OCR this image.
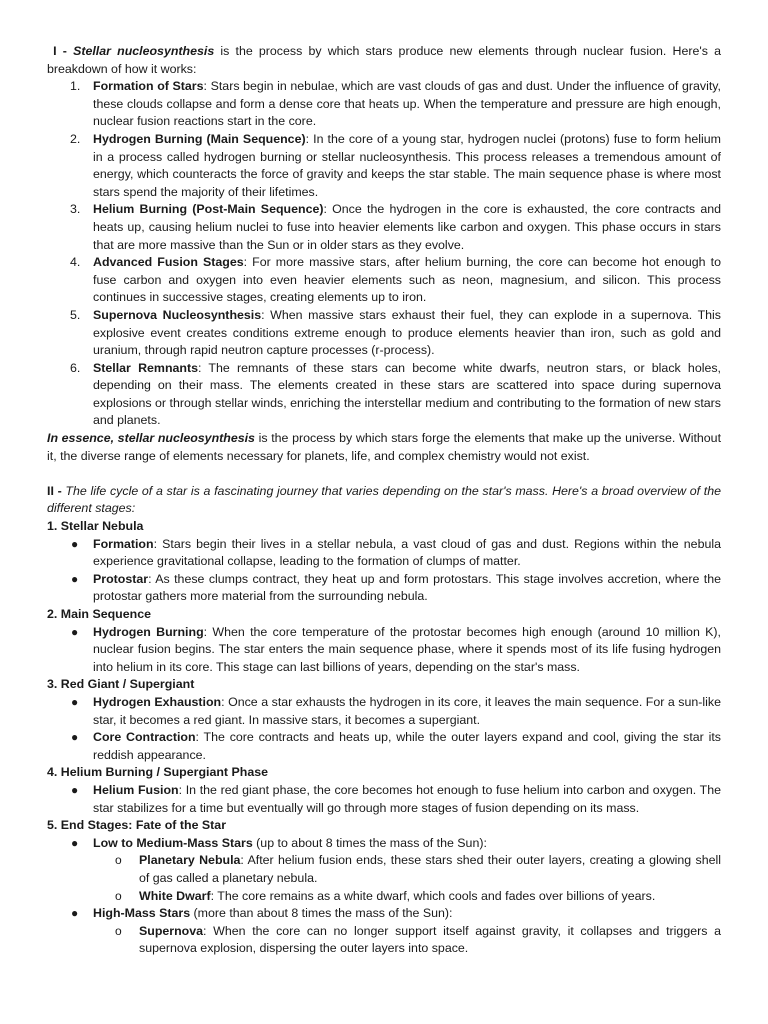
I - Stellar nucleosynthesis is the process by which stars produce new elements through nuclear fusion. Here's a breakdown of how it works:

1. Formation of Stars: Stars begin in nebulae, which are vast clouds of gas and dust. Under the influence of gravity, these clouds collapse and form a dense core that heats up. When the temperature and pressure are high enough, nuclear fusion reactions start in the core.
2. Hydrogen Burning (Main Sequence): In the core of a young star, hydrogen nuclei (protons) fuse to form helium in a process called hydrogen burning or stellar nucleosynthesis. This process releases a tremendous amount of energy, which counteracts the force of gravity and keeps the star stable. The main sequence phase is where most stars spend the majority of their lifetimes.
3. Helium Burning (Post-Main Sequence): Once the hydrogen in the core is exhausted, the core contracts and heats up, causing helium nuclei to fuse into heavier elements like carbon and oxygen. This phase occurs in stars that are more massive than the Sun or in older stars as they evolve.
4. Advanced Fusion Stages: For more massive stars, after helium burning, the core can become hot enough to fuse carbon and oxygen into even heavier elements such as neon, magnesium, and silicon. This process continues in successive stages, creating elements up to iron.
5. Supernova Nucleosynthesis: When massive stars exhaust their fuel, they can explode in a supernova. This explosive event creates conditions extreme enough to produce elements heavier than iron, such as gold and uranium, through rapid neutron capture processes (r-process).
6. Stellar Remnants: The remnants of these stars can become white dwarfs, neutron stars, or black holes, depending on their mass. The elements created in these stars are scattered into space during supernova explosions or through stellar winds, enriching the interstellar medium and contributing to the formation of new stars and planets.

In essence, stellar nucleosynthesis is the process by which stars forge the elements that make up the universe. Without it, the diverse range of elements necessary for planets, life, and complex chemistry would not exist.

II - The life cycle of a star is a fascinating journey that varies depending on the star's mass. Here's a broad overview of the different stages:

1. Stellar Nebula
● Formation: Stars begin their lives in a stellar nebula, a vast cloud of gas and dust. Regions within the nebula experience gravitational collapse, leading to the formation of clumps of matter.
● Protostar: As these clumps contract, they heat up and form protostars. This stage involves accretion, where the protostar gathers more material from the surrounding nebula.
2. Main Sequence
● Hydrogen Burning: When the core temperature of the protostar becomes high enough (around 10 million K), nuclear fusion begins. The star enters the main sequence phase, where it spends most of its life fusing hydrogen into helium in its core. This stage can last billions of years, depending on the star's mass.
3. Red Giant / Supergiant
● Hydrogen Exhaustion: Once a star exhausts the hydrogen in its core, it leaves the main sequence. For a sun-like star, it becomes a red giant. In massive stars, it becomes a supergiant.
● Core Contraction: The core contracts and heats up, while the outer layers expand and cool, giving the star its reddish appearance.
4. Helium Burning / Supergiant Phase
● Helium Fusion: In the red giant phase, the core becomes hot enough to fuse helium into carbon and oxygen. The star stabilizes for a time but eventually will go through more stages of fusion depending on its mass.
5. End Stages: Fate of the Star
● Low to Medium-Mass Stars (up to about 8 times the mass of the Sun):
o Planetary Nebula: After helium fusion ends, these stars shed their outer layers, creating a glowing shell of gas called a planetary nebula.
o White Dwarf: The core remains as a white dwarf, which cools and fades over billions of years.
● High-Mass Stars (more than about 8 times the mass of the Sun):
o Supernova: When the core can no longer support itself against gravity, it collapses and triggers a supernova explosion, dispersing the outer layers into space.
